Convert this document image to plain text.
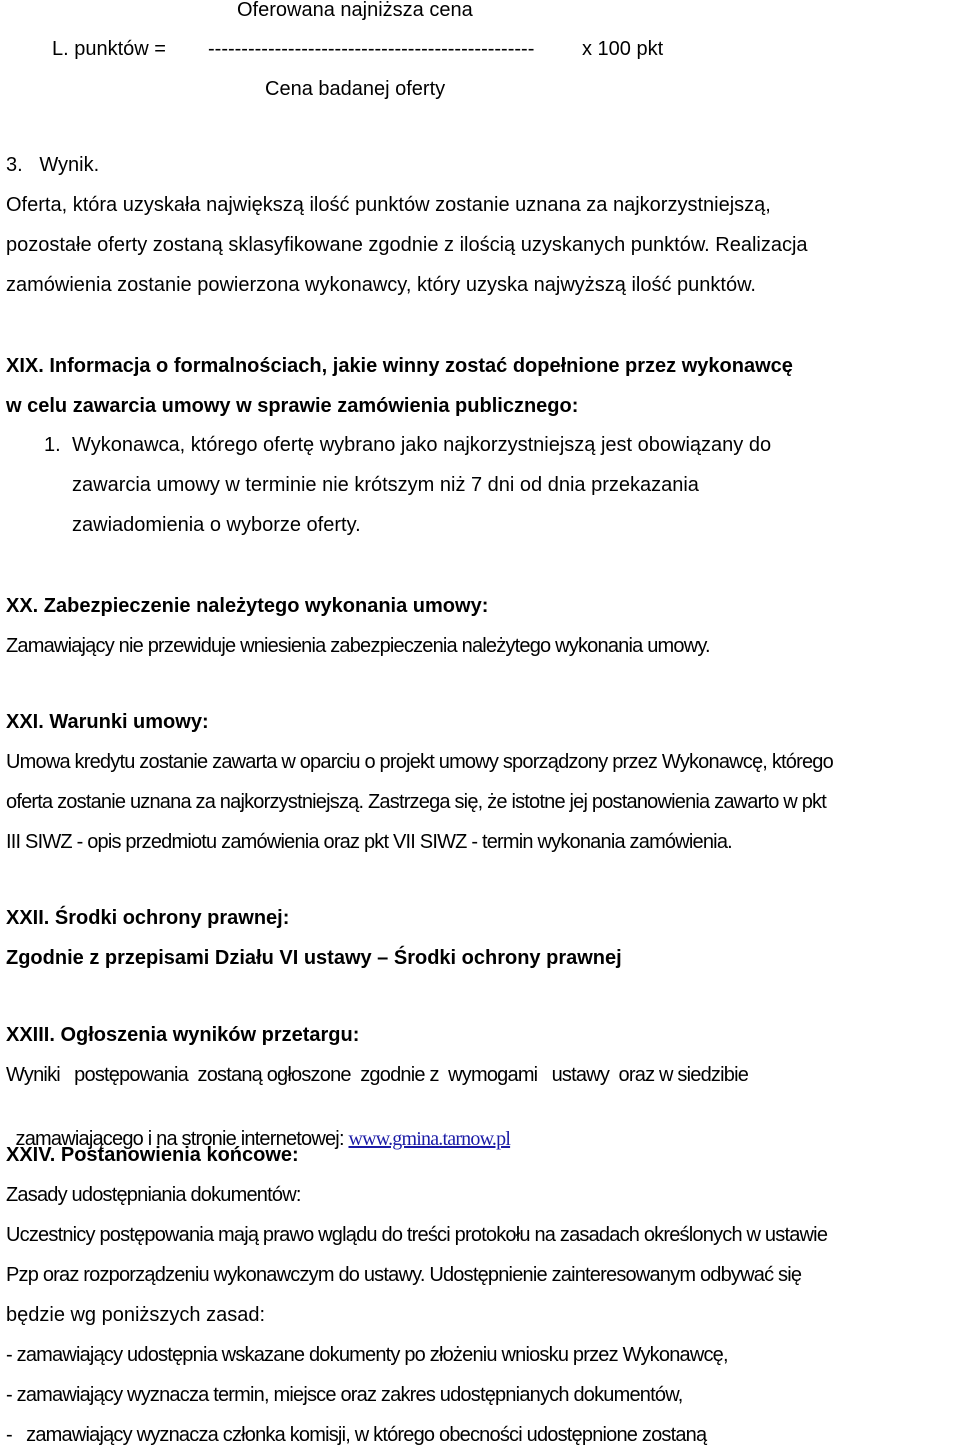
Oferowana najniższa cena
L. punktów = ------------------------------------------------- x 100 pkt
Cena badanej oferty
3.   Wynik.
Oferta, która uzyskała największą ilość punktów zostanie uznana za najkorzystniejszą,
pozostałe oferty zostaną sklasyfikowane zgodnie z ilością uzyskanych punktów. Realizacja
zamówienia zostanie powierzona wykonawcy, który uzyska najwyższą ilość punktów.
XIX. Informacja o formalnościach, jakie winny zostać dopełnione przez wykonawcę
w celu zawarcia umowy w sprawie zamówienia publicznego:
1. Wykonawca, którego ofertę wybrano jako najkorzystniejszą jest obowiązany do
zawarcia umowy w terminie nie krótszym niż 7 dni od dnia przekazania
zawiadomienia o wyborze oferty.
XX. Zabezpieczenie należytego wykonania umowy:
Zamawiający nie przewiduje wniesienia zabezpieczenia należytego wykonania umowy.
XXI. Warunki umowy:
Umowa kredytu zostanie zawarta w oparciu o projekt umowy sporządzony przez Wykonawcę, którego
oferta zostanie uznana za najkorzystniejszą. Zastrzega się, że istotne jej postanowienia zawarto w pkt
III SIWZ - opis przedmiotu zamówienia oraz pkt VII SIWZ - termin wykonania zamówienia.
XXII. Środki ochrony prawnej:
Zgodnie z przepisami Działu VI ustawy – Środki ochrony prawnej
XXIII. Ogłoszenia wyników przetargu:
Wyniki   postępowania  zostaną ogłoszone  zgodnie z  wymogami   ustawy  oraz w siedzibie

zamawiającego i na stronie internetowej: www.gmina.tarnow.pl

XXIV. Postanowienia końcowe:
Zasady udostępniania dokumentów:
Uczestnicy postępowania mają prawo wglądu do treści protokołu na zasadach określonych w ustawie
Pzp oraz rozporządzeniu wykonawczym do ustawy. Udostępnienie zainteresowanym odbywać się
będzie wg poniższych zasad:
- zamawiający udostępnia wskazane dokumenty po złożeniu wniosku przez Wykonawcę,
- zamawiający wyznacza termin, miejsce oraz zakres udostępnianych dokumentów,
-   zamawiający wyznacza członka komisji, w którego obecności udostępnione zostaną
